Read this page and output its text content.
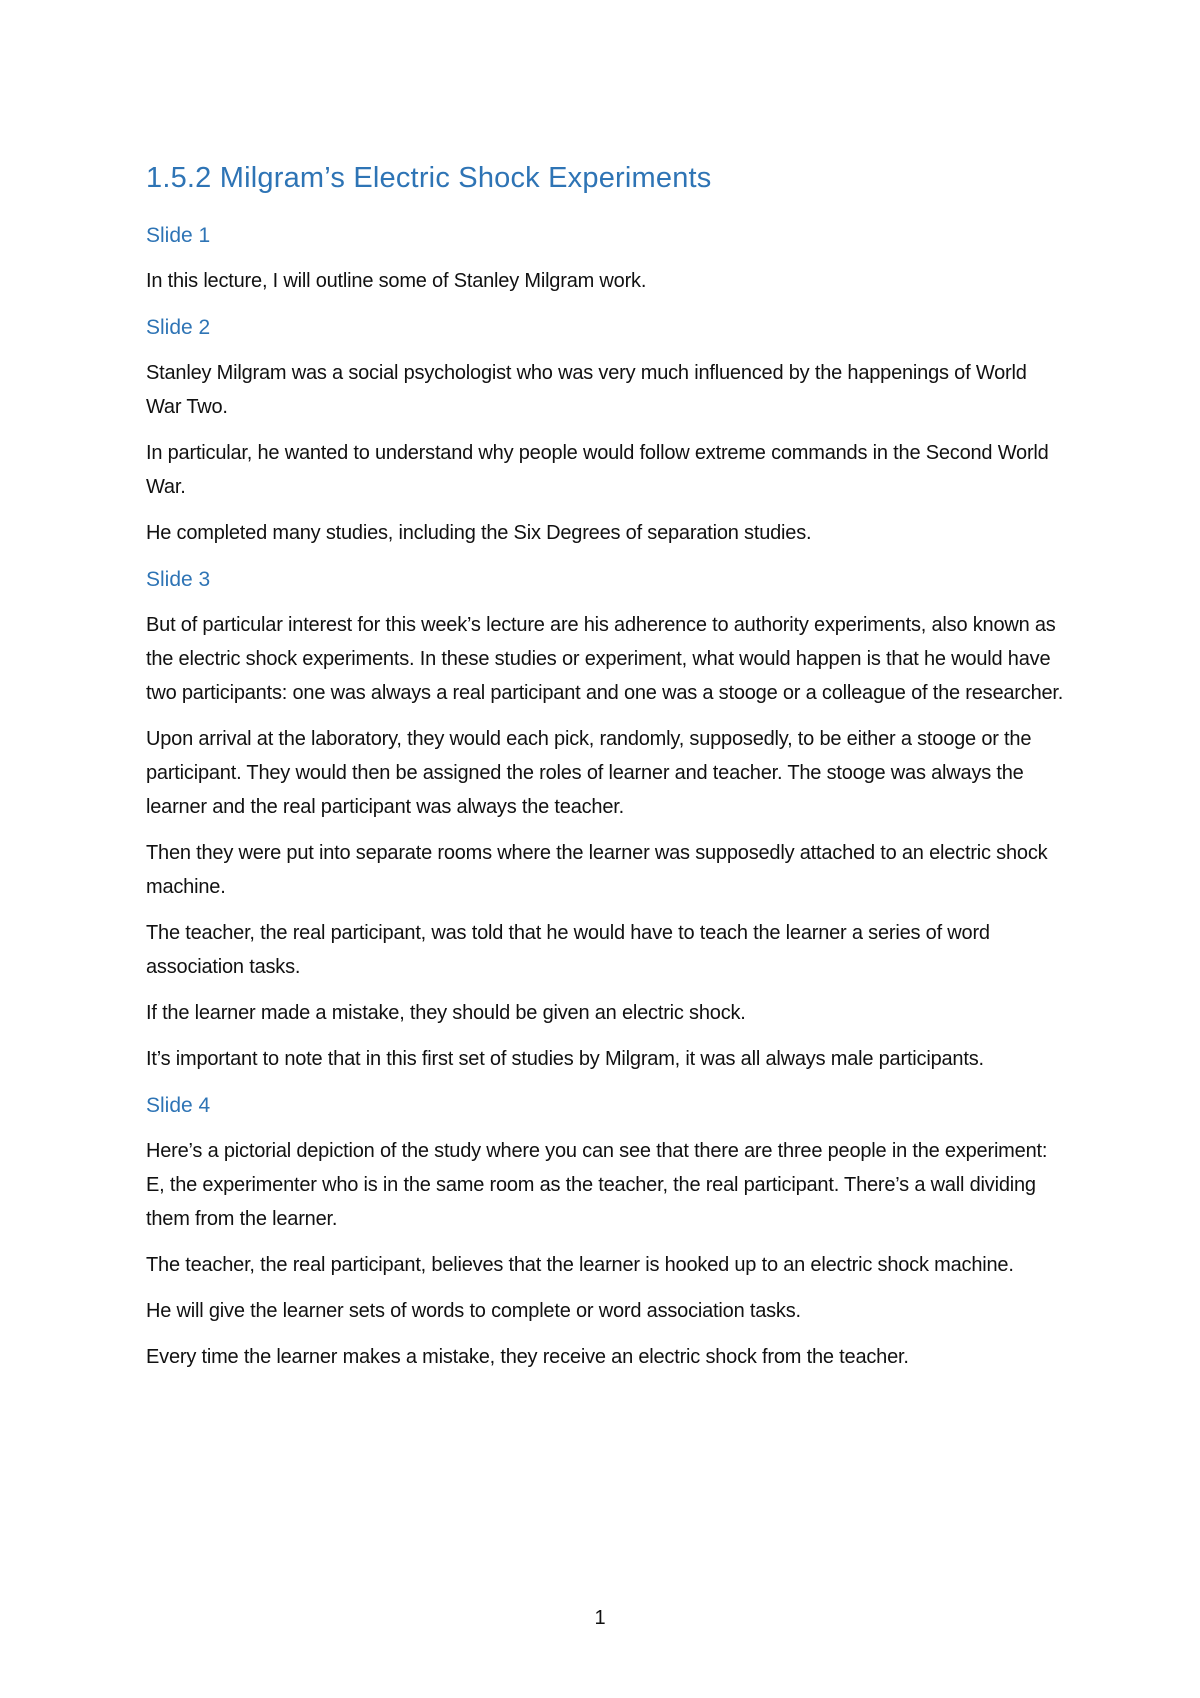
1.5.2 Milgram’s Electric Shock Experiments
Slide 1

In this lecture, I will outline some of Stanley Milgram work.

Slide 2

Stanley Milgram was a social psychologist who was very much influenced by the happenings of World War Two.

In particular, he wanted to understand why people would follow extreme commands in the Second World War.

He completed many studies, including the Six Degrees of separation studies.

Slide 3

But of particular interest for this week’s lecture are his adherence to authority experiments, also known as the electric shock experiments. In these studies or experiment, what would happen is that he would have two participants: one was always a real participant and one was a stooge or a colleague of the researcher.

Upon arrival at the laboratory, they would each pick, randomly, supposedly, to be either a stooge or the participant. They would then be assigned the roles of learner and teacher. The stooge was always the learner and the real participant was always the teacher.

Then they were put into separate rooms where the learner was supposedly attached to an electric shock machine.

The teacher, the real participant, was told that he would have to teach the learner a series of word association tasks.

If the learner made a mistake, they should be given an electric shock.

It’s important to note that in this first set of studies by Milgram, it was all always male participants.

Slide 4

Here’s a pictorial depiction of the study where you can see that there are three people in the experiment: E, the experimenter who is in the same room as the teacher, the real participant. There’s a wall dividing them from the learner.

The teacher, the real participant, believes that the learner is hooked up to an electric shock machine.

He will give the learner sets of words to complete or word association tasks.

Every time the learner makes a mistake, they receive an electric shock from the teacher.

1
